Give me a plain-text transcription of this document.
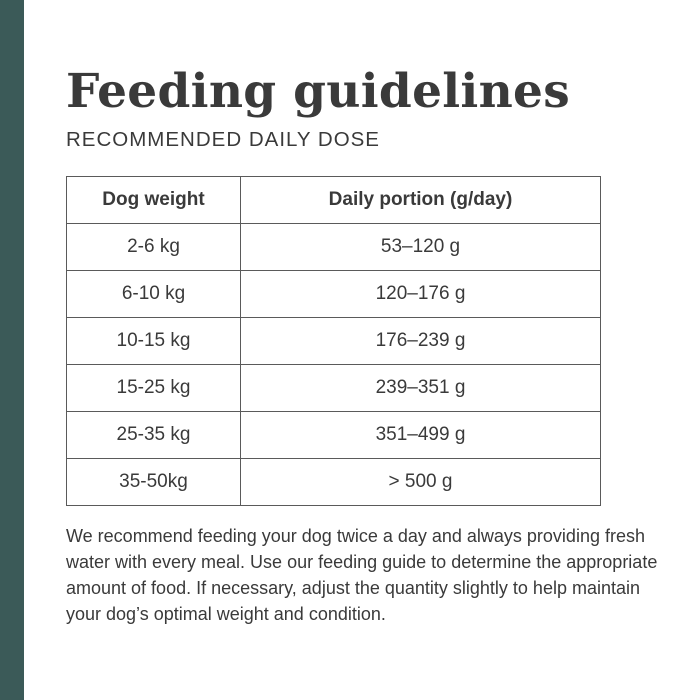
Feeding guidelines
RECOMMENDED DAILY DOSE
Dog weight	Daily portion (g/day)
2-6 kg	53–120 g
6-10 kg	120–176 g
10-15 kg	176–239 g
15-25 kg	239–351 g
25-35 kg	351–499 g
35-50kg	> 500 g

We recommend feeding your dog twice a day and always providing fresh water with every meal. Use our feeding guide to determine the appropriate amount of food. If necessary, adjust the quantity slightly to help maintain your dog’s optimal weight and condition.
